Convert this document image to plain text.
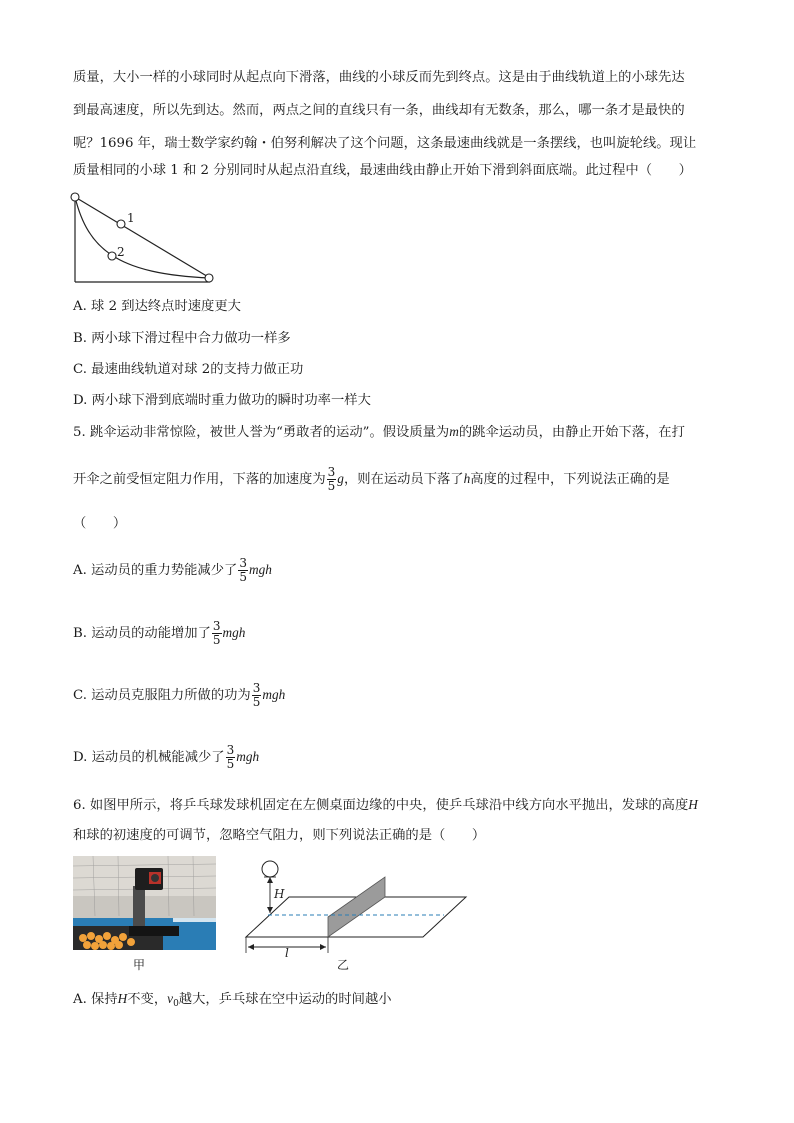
质量，大小一样的小球同时从起点向下滑落，曲线的小球反而先到终点。这是由于曲线轨道上的小球先达
到最高速度，所以先到达。然而，两点之间的直线只有一条，曲线却有无数条，那么，哪一条才是最快的
呢？1696 年，瑞士数学家约翰・伯努利解决了这个问题，这条最速曲线就是一条摆线，也叫旋轮线。现让
质量相同的小球 1 和 2 分别同时从起点沿直线，最速曲线由静止开始下滑到斜面底端。此过程中（　　）
1
2
A. 球 2 到达终点时速度更大
B. 两小球下滑过程中合力做功一样多
C. 最速曲线轨道对球 2的支持力做正功
D. 两小球下滑到底端时重力做功的瞬时功率一样大
5. 跳伞运动非常惊险，被世人誉为“勇敢者的运动”。假设质量为m的跳伞运动员，由静止开始下落，在打
开伞之前受恒定阻力作用，下落的加速度为 $\frac{3}{5}$ g，则在运动员下落了h高度的过程中，下列说法正确的是
（　　）
A. 运动员的重力势能减少了 $\frac{3}{5}$ mgh
B. 运动员的动能增加了 $\frac{3}{5}$ mgh
C. 运动员克服阻力所做的功为 $\frac{3}{5}$ mgh
D. 运动员的机械能减少了 $\frac{3}{5}$ mgh
6. 如图甲所示，将乒乓球发球机固定在左侧桌面边缘的中央，使乒乓球沿中线方向水平抛出，发球的高度H
和球的初速度的可调节，忽略空气阻力，则下列说法正确的是（　　）
甲
H
l
乙
A. 保持H不变，$v_0$越大，乒乓球在空中运动的时间越小
